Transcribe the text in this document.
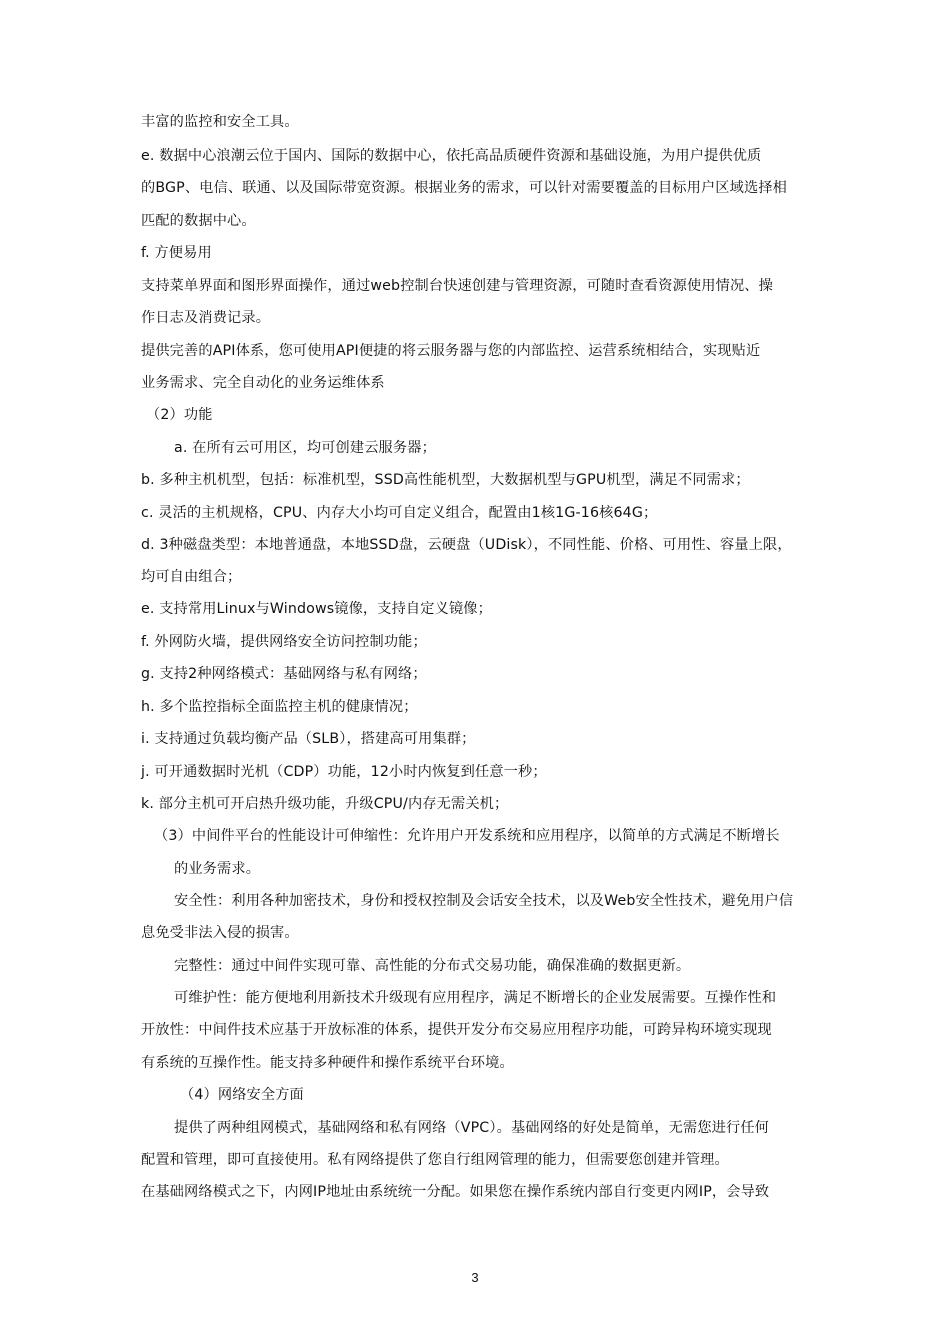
丰富的监控和安全工具。
e. 数据中心浪潮云位于国内、国际的数据中心，依托高品质硬件资源和基础设施，为用户提供优质
的BGP、电信、联通、以及国际带宽资源。根据业务的需求，可以针对需要覆盖的目标用户区域选择相
匹配的数据中心。
f. 方便易用
支持菜单界面和图形界面操作，通过web控制台快速创建与管理资源，可随时查看资源使用情况、操
作日志及消费记录。
提供完善的API体系，您可使用API便捷的将云服务器与您的内部监控、运营系统相结合，实现贴近
业务需求、完全自动化的业务运维体系
（2）功能
a. 在所有云可用区，均可创建云服务器；
b. 多种主机机型，包括：标准机型，SSD高性能机型，大数据机型与GPU机型，满足不同需求；
c. 灵活的主机规格，CPU、内存大小均可自定义组合，配置由1核1G-16核64G；
d. 3种磁盘类型：本地普通盘，本地SSD盘，云硬盘（UDisk），不同性能、价格、可用性、容量上限，
均可自由组合；
e. 支持常用Linux与Windows镜像，支持自定义镜像；
f. 外网防火墙，提供网络安全访问控制功能；
g. 支持2种网络模式：基础网络与私有网络；
h. 多个监控指标全面监控主机的健康情况；
i. 支持通过负载均衡产品（SLB），搭建高可用集群；
j. 可开通数据时光机（CDP）功能，12小时内恢复到任意一秒；
k. 部分主机可开启热升级功能，升级CPU/内存无需关机；
（3）中间件平台的性能设计可伸缩性：允许用户开发系统和应用程序，以简单的方式满足不断增长
的业务需求。
安全性：利用各种加密技术，身份和授权控制及会话安全技术，以及Web安全性技术，避免用户信
息免受非法入侵的损害。
完整性：通过中间件实现可靠、高性能的分布式交易功能，确保准确的数据更新。
可维护性：能方便地利用新技术升级现有应用程序，满足不断增长的企业发展需要。互操作性和
开放性：中间件技术应基于开放标准的体系，提供开发分布交易应用程序功能，可跨异构环境实现现
有系统的互操作性。能支持多种硬件和操作系统平台环境。
（4）网络安全方面
提供了两种组网模式，基础网络和私有网络（VPC）。基础网络的好处是简单，无需您进行任何
配置和管理，即可直接使用。私有网络提供了您自行组网管理的能力，但需要您创建并管理。
在基础网络模式之下，内网IP地址由系统统一分配。如果您在操作系统内部自行变更内网IP，会导致
3
